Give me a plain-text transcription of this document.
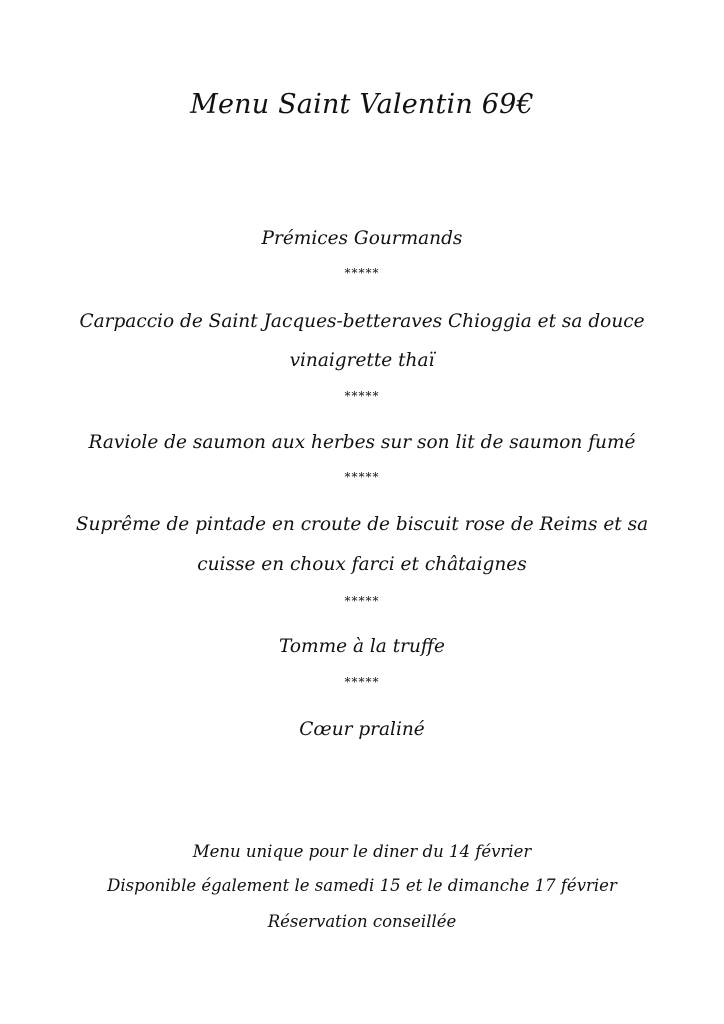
Menu Saint Valentin 69€
Prémices Gourmands
*****
Carpaccio de Saint Jacques-betteraves Chioggia et sa douce
vinaigrette thaï
*****
Raviole de saumon aux herbes sur son lit de saumon fumé
*****
Suprême de pintade en croute de biscuit rose de Reims et sa
cuisse en choux farci et châtaignes
*****
Tomme à la truffe
*****
Cœur praliné
Menu unique pour le diner du 14 février
Disponible également le samedi 15 et le dimanche 17 février
Réservation conseillée
